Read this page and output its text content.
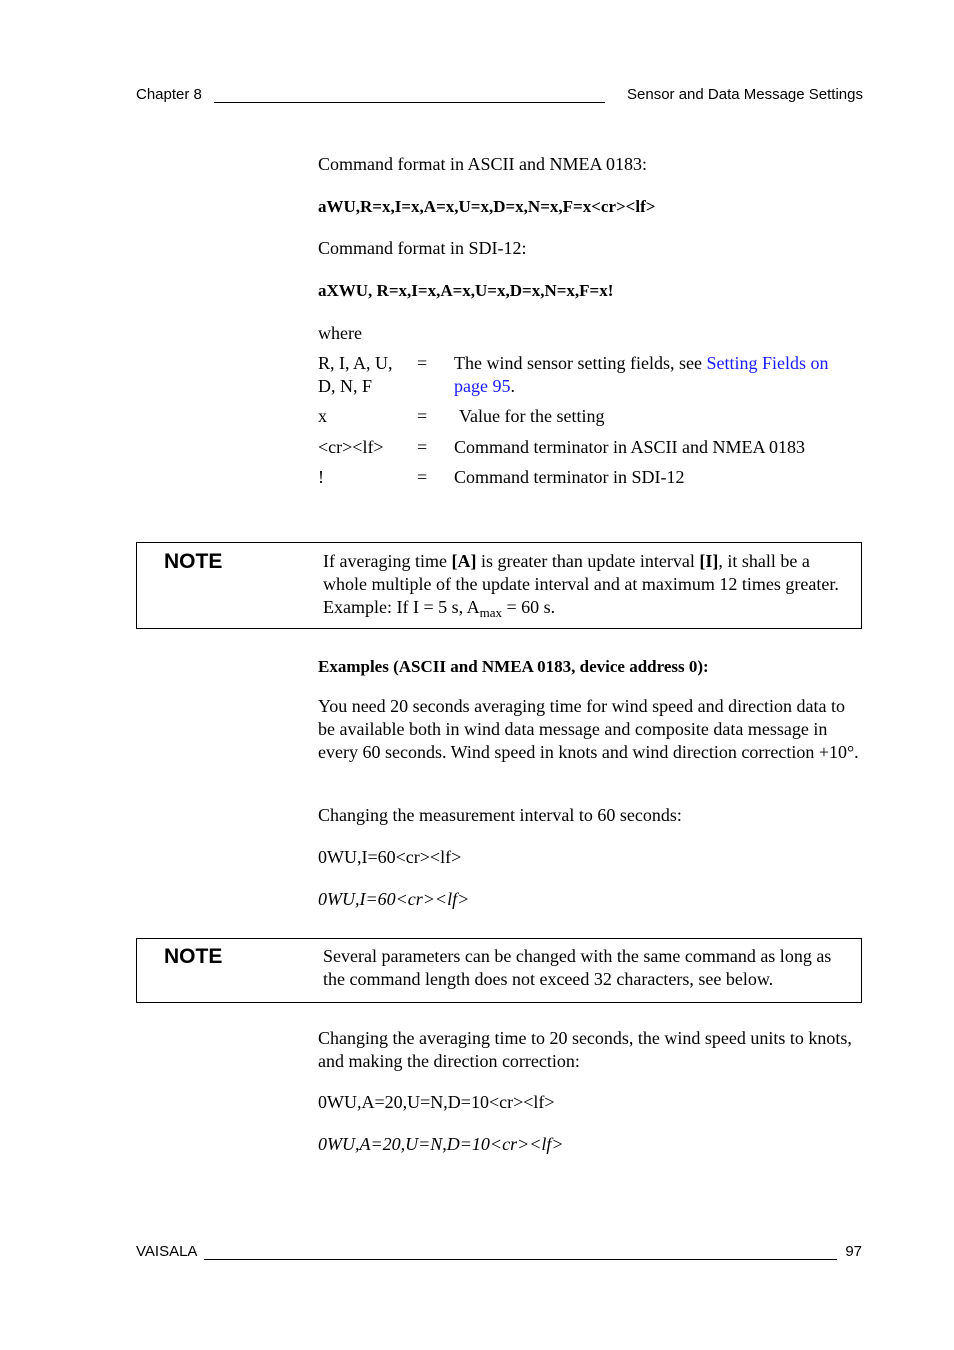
Chapter 8	Sensor and Data Message Settings
Command format in ASCII and NMEA 0183:
aWU,R=x,I=x,A=x,U=x,D=x,N=x,F=x<cr><lf>
Command format in SDI-12:
aXWU, R=x,I=x,A=x,U=x,D=x,N=x,F=x!
where
R, I, A, U,
D, N, F
= The wind sensor setting fields, see Setting Fields on page 95.
x	= Value for the setting
<cr><lf> = Command terminator in ASCII and NMEA 0183
!	= Command terminator in SDI-12
NOTE	If averaging time [A] is greater than update interval [I], it shall be a whole multiple of the update interval and at maximum 12 times greater. Example: If I = 5 s, $A_{max} = 60$ s.
Examples (ASCII and NMEA 0183, device address 0):
You need 20 seconds averaging time for wind speed and direction data to be available both in wind data message and composite data message in every 60 seconds. Wind speed in knots and wind direction correction +10°.
Changing the measurement interval to 60 seconds:
0WU,I=60<cr><lf>
0WU,I=60<cr><lf>
NOTE	Several parameters can be changed with the same command as long as the command length does not exceed 32 characters, see below.
Changing the averaging time to 20 seconds, the wind speed units to knots, and making the direction correction:
0WU,A=20,U=N,D=10<cr><lf>
0WU,A=20,U=N,D=10<cr><lf>
VAISALA	97
